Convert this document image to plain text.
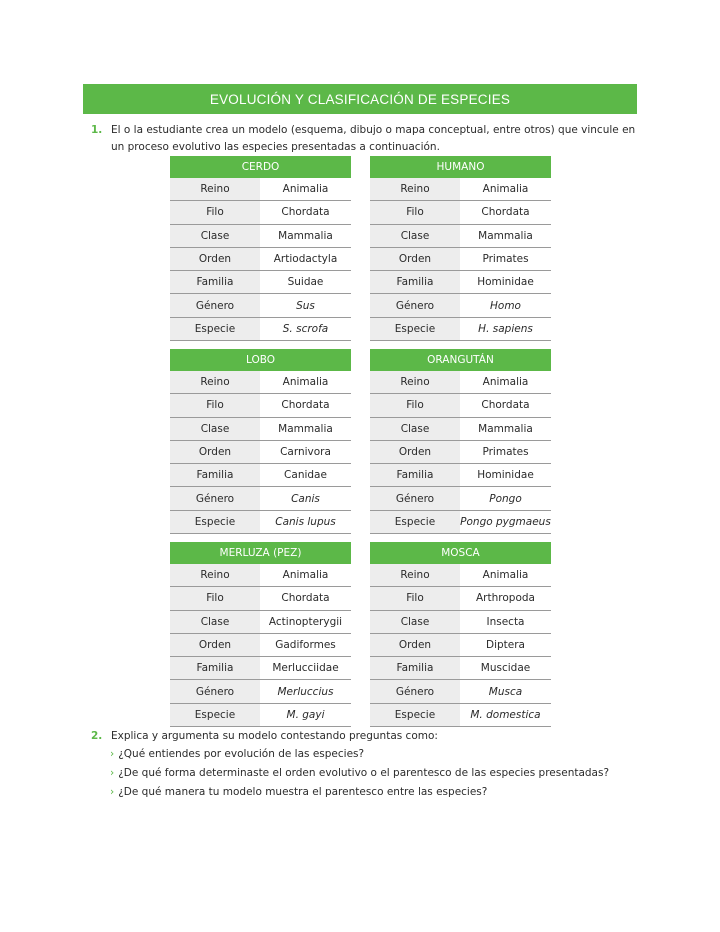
EVOLUCIÓN Y CLASIFICACIÓN DE ESPECIES
1. El o la estudiante crea un modelo (esquema, dibujo o mapa conceptual, entre otros) que vincule en un proceso evolutivo las especies presentadas a continuación.
CERDO
Reino	Animalia
Filo	Chordata
Clase	Mammalia
Orden	Artiodactyla
Familia	Suidae
Género	Sus
Especie	S. scrofa
HUMANO
Reino	Animalia
Filo	Chordata
Clase	Mammalia
Orden	Primates
Familia	Hominidae
Género	Homo
Especie	H. sapiens
LOBO
Reino	Animalia
Filo	Chordata
Clase	Mammalia
Orden	Carnivora
Familia	Canidae
Género	Canis
Especie	Canis lupus
ORANGUTÁN
Reino	Animalia
Filo	Chordata
Clase	Mammalia
Orden	Primates
Familia	Hominidae
Género	Pongo
Especie	Pongo pygmaeus
MERLUZA (PEZ)
Reino	Animalia
Filo	Chordata
Clase	Actinopterygii
Orden	Gadiformes
Familia	Merlucciidae
Género	Merluccius
Especie	M. gayi
MOSCA
Reino	Animalia
Filo	Arthropoda
Clase	Insecta
Orden	Diptera
Familia	Muscidae
Género	Musca
Especie	M. domestica
2. Explica y argumenta su modelo contestando preguntas como:
› ¿Qué entiendes por evolución de las especies?
› ¿De qué forma determinaste el orden evolutivo o el parentesco de las especies presentadas?
› ¿De qué manera tu modelo muestra el parentesco entre las especies?
